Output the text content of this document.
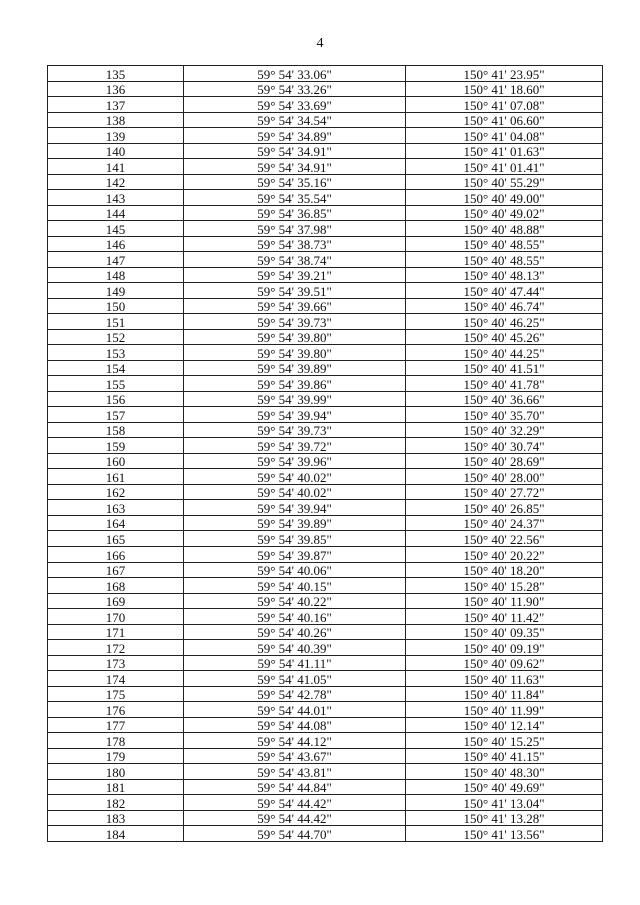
4
135	59° 54' 33.06"	150° 41' 23.95"
136	59° 54' 33.26"	150° 41' 18.60"
137	59° 54' 33.69"	150° 41' 07.08"
138	59° 54' 34.54"	150° 41' 06.60"
139	59° 54' 34.89"	150° 41' 04.08"
140	59° 54' 34.91"	150° 41' 01.63"
141	59° 54' 34.91"	150° 41' 01.41"
142	59° 54' 35.16"	150° 40' 55.29"
143	59° 54' 35.54"	150° 40' 49.00"
144	59° 54' 36.85"	150° 40' 49.02"
145	59° 54' 37.98"	150° 40' 48.88"
146	59° 54' 38.73"	150° 40' 48.55"
147	59° 54' 38.74"	150° 40' 48.55"
148	59° 54' 39.21"	150° 40' 48.13"
149	59° 54' 39.51"	150° 40' 47.44"
150	59° 54' 39.66"	150° 40' 46.74"
151	59° 54' 39.73"	150° 40' 46.25"
152	59° 54' 39.80"	150° 40' 45.26"
153	59° 54' 39.80"	150° 40' 44.25"
154	59° 54' 39.89"	150° 40' 41.51"
155	59° 54' 39.86"	150° 40' 41.78"
156	59° 54' 39.99"	150° 40' 36.66"
157	59° 54' 39.94"	150° 40' 35.70"
158	59° 54' 39.73"	150° 40' 32.29"
159	59° 54' 39.72"	150° 40' 30.74"
160	59° 54' 39.96"	150° 40' 28.69"
161	59° 54' 40.02"	150° 40' 28.00"
162	59° 54' 40.02"	150° 40' 27.72"
163	59° 54' 39.94"	150° 40' 26.85"
164	59° 54' 39.89"	150° 40' 24.37"
165	59° 54' 39.85"	150° 40' 22.56"
166	59° 54' 39.87"	150° 40' 20.22"
167	59° 54' 40.06"	150° 40' 18.20"
168	59° 54' 40.15"	150° 40' 15.28"
169	59° 54' 40.22"	150° 40' 11.90"
170	59° 54' 40.16"	150° 40' 11.42"
171	59° 54' 40.26"	150° 40' 09.35"
172	59° 54' 40.39"	150° 40' 09.19"
173	59° 54' 41.11"	150° 40' 09.62"
174	59° 54' 41.05"	150° 40' 11.63"
175	59° 54' 42.78"	150° 40' 11.84"
176	59° 54' 44.01"	150° 40' 11.99"
177	59° 54' 44.08"	150° 40' 12.14"
178	59° 54' 44.12"	150° 40' 15.25"
179	59° 54' 43.67"	150° 40' 41.15"
180	59° 54' 43.81"	150° 40' 48.30"
181	59° 54' 44.84"	150° 40' 49.69"
182	59° 54' 44.42"	150° 41' 13.04"
183	59° 54' 44.42"	150° 41' 13.28"
184	59° 54' 44.70"	150° 41' 13.56"
